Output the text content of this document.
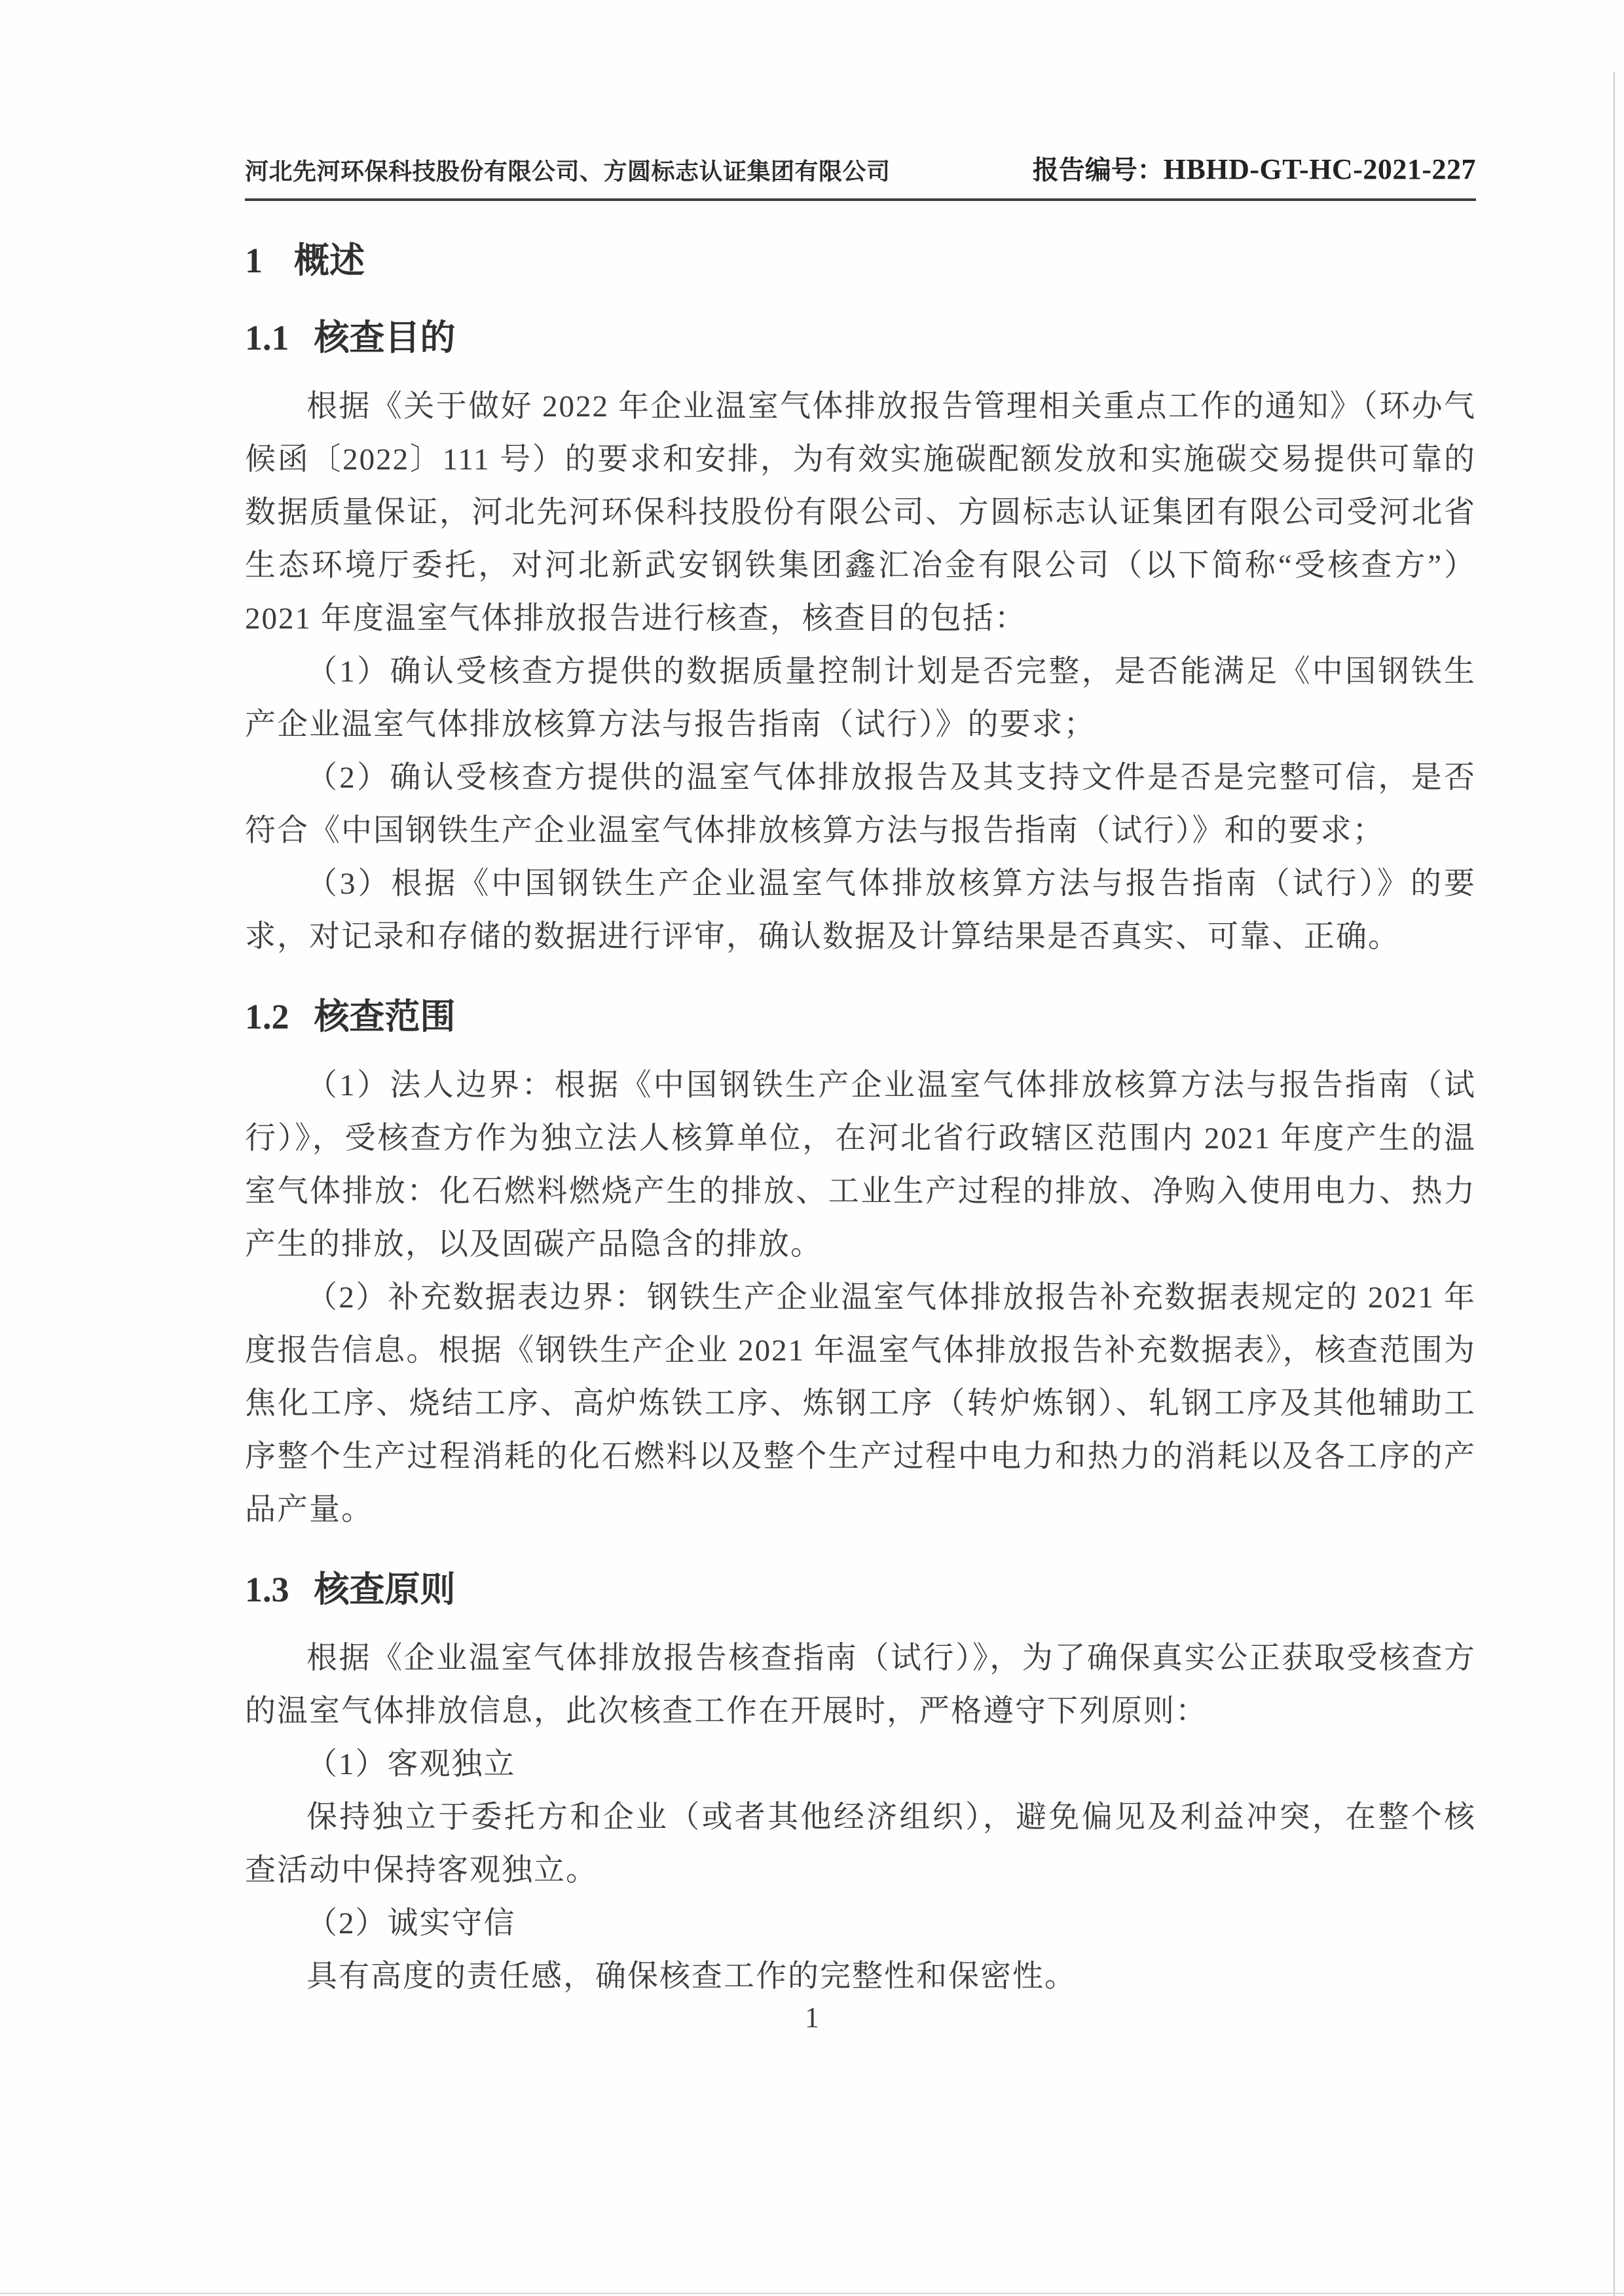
河北先河环保科技股份有限公司、方圆标志认证集团有限公司	报告编号：HBHD-GT-HC-2021-227
1 概述
1.1 核查目的

根据《关于做好 2022 年企业温室气体排放报告管理相关重点工作的通知》（环办气候函〔2022〕111 号）的要求和安排，为有效实施碳配额发放和实施碳交易提供可靠的数据质量保证，河北先河环保科技股份有限公司、方圆标志认证集团有限公司受河北省生态环境厅委托，对河北新武安钢铁集团鑫汇冶金有限公司（以下简称“受核查方”）2021 年度温室气体排放报告进行核查，核查目的包括：

（1）确认受核查方提供的数据质量控制计划是否完整，是否能满足《中国钢铁生产企业温室气体排放核算方法与报告指南（试行）》的要求；

（2）确认受核查方提供的温室气体排放报告及其支持文件是否是完整可信，是否符合《中国钢铁生产企业温室气体排放核算方法与报告指南（试行）》和的要求；

（3）根据《中国钢铁生产企业温室气体排放核算方法与报告指南（试行）》的要求，对记录和存储的数据进行评审，确认数据及计算结果是否真实、可靠、正确。

1.2 核查范围

（1）法人边界：根据《中国钢铁生产企业温室气体排放核算方法与报告指南（试行）》，受核查方作为独立法人核算单位，在河北省行政辖区范围内 2021 年度产生的温室气体排放：化石燃料燃烧产生的排放、工业生产过程的排放、净购入使用电力、热力产生的排放，以及固碳产品隐含的排放。

（2）补充数据表边界：钢铁生产企业温室气体排放报告补充数据表规定的 2021 年度报告信息。根据《钢铁生产企业 2021 年温室气体排放报告补充数据表》，核查范围为焦化工序、烧结工序、高炉炼铁工序、炼钢工序（转炉炼钢）、轧钢工序及其他辅助工序整个生产过程消耗的化石燃料以及整个生产过程中电力和热力的消耗以及各工序的产品产量。

1.3 核查原则

根据《企业温室气体排放报告核查指南（试行）》，为了确保真实公正获取受核查方的温室气体排放信息，此次核查工作在开展时，严格遵守下列原则：

（1）客观独立

保持独立于委托方和企业（或者其他经济组织），避免偏见及利益冲突，在整个核查活动中保持客观独立。

（2）诚实守信

具有高度的责任感，确保核查工作的完整性和保密性。

1
